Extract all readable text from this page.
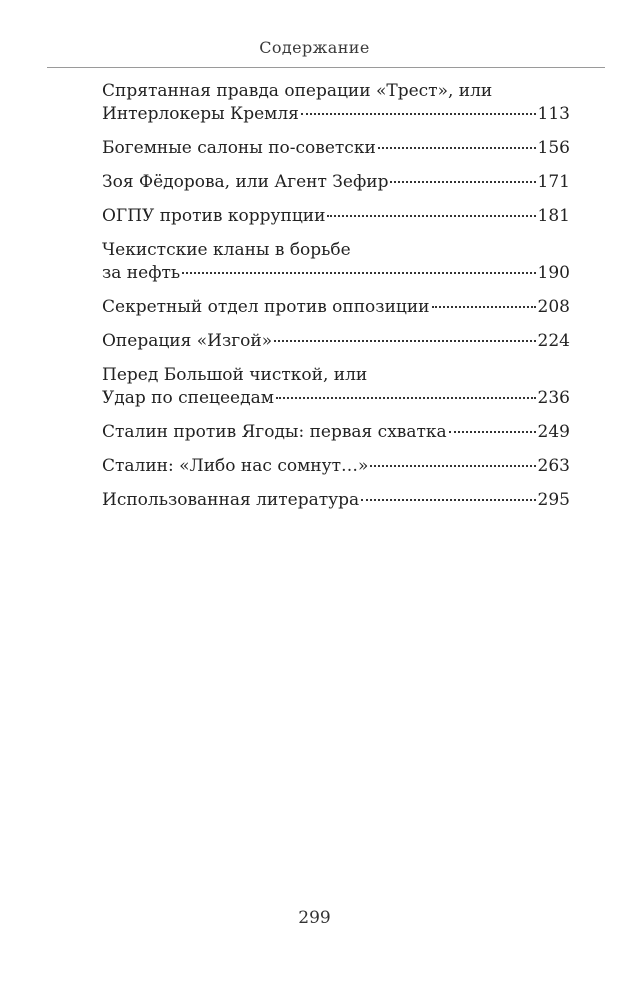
Содержание
Спрятанная правда операции «Трест», или
Интерлокеры Кремля	113
Богемные салоны по-советски	156
Зоя Фёдорова, или Агент Зефир	171
ОГПУ против коррупции	181
Чекистские кланы в борьбе
за нефть	190
Секретный отдел против оппозиции	208
Операция «Изгой»	224
Перед Большой чисткой, или
Удар по спецеедам	236
Сталин против Ягоды: первая схватка	249
Сталин: «Либо нас сомнут…»	263
Использованная литература	295
299
